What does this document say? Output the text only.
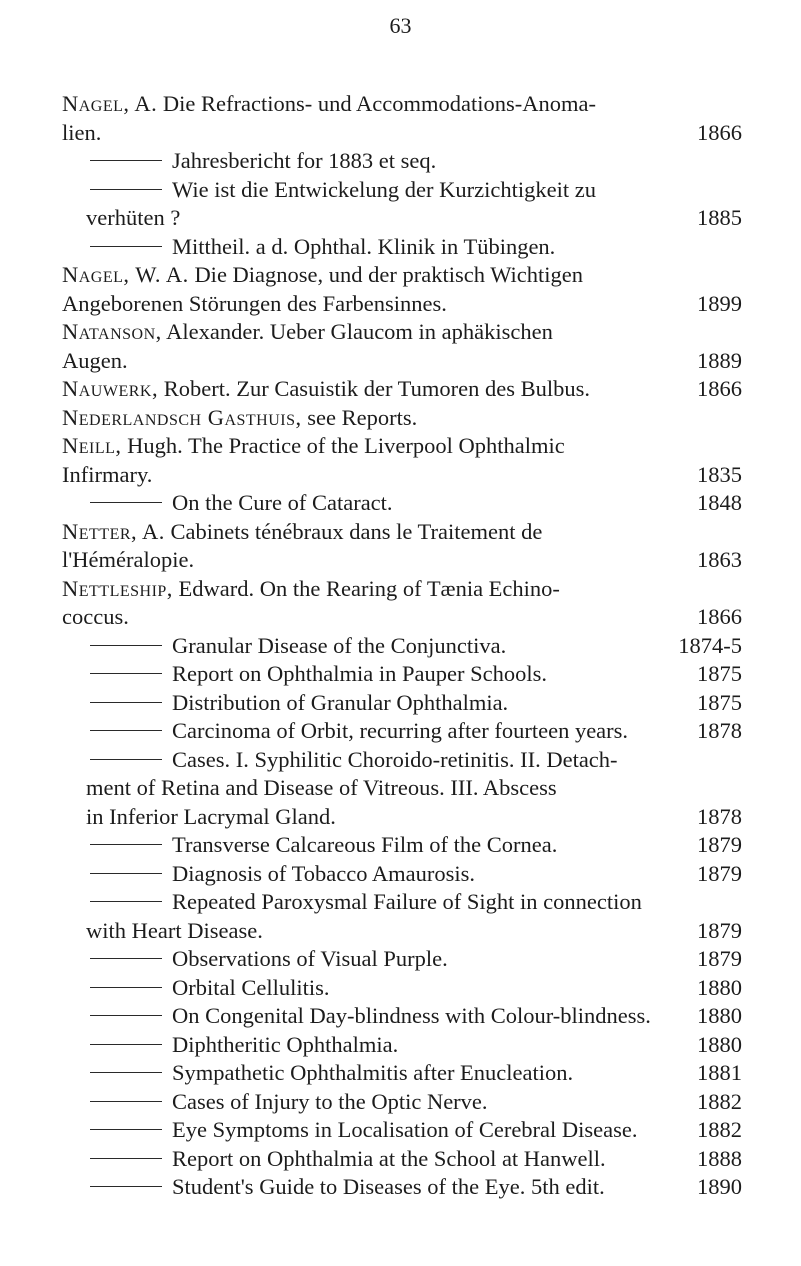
63
Nagel, A. Die Refractions- und Accommodations-Anoma-
lien.	1866
Jahresbericht for 1883 et seq.
Wie ist die Entwickelung der Kurzichtigkeit zu
verhüten ?	1885
Mittheil. a d. Ophthal. Klinik in Tübingen.
Nagel, W. A. Die Diagnose, und der praktisch Wichtigen
Angeborenen Störungen des Farbensinnes.	1899
Natanson, Alexander. Ueber Glaucom in aphäkischen
Augen.	1889
Nauwerk, Robert. Zur Casuistik der Tumoren des Bulbus.	1866
Nederlandsch Gasthuis, see Reports.
Neill, Hugh. The Practice of the Liverpool Ophthalmic
Infirmary.	1835
On the Cure of Cataract.	1848
Netter, A. Cabinets ténébraux dans le Traitement de
l'Héméralopie.	1863
Nettleship, Edward. On the Rearing of Tænia Echino-
coccus.	1866
Granular Disease of the Conjunctiva.	1874-5
Report on Ophthalmia in Pauper Schools.	1875
Distribution of Granular Ophthalmia.	1875
Carcinoma of Orbit, recurring after fourteen years.	1878
Cases. I. Syphilitic Choroido-retinitis. II. Detach-
ment of Retina and Disease of Vitreous. III. Abscess
in Inferior Lacrymal Gland.	1878
Transverse Calcareous Film of the Cornea.	1879
Diagnosis of Tobacco Amaurosis.	1879
Repeated Paroxysmal Failure of Sight in connection
with Heart Disease.	1879
Observations of Visual Purple.	1879
Orbital Cellulitis.	1880
On Congenital Day-blindness with Colour-blindness.	1880
Diphtheritic Ophthalmia.	1880
Sympathetic Ophthalmitis after Enucleation.	1881
Cases of Injury to the Optic Nerve.	1882
Eye Symptoms in Localisation of Cerebral Disease.	1882
Report on Ophthalmia at the School at Hanwell.	1888
Student's Guide to Diseases of the Eye. 5th edit.	1890
